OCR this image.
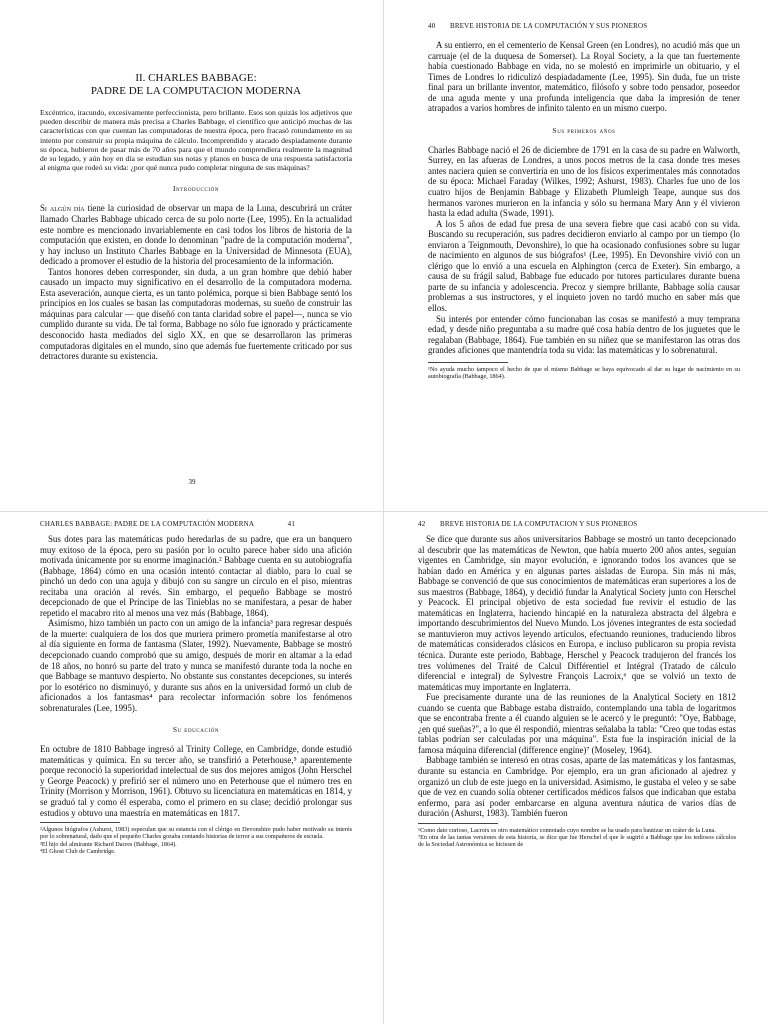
II. CHARLES BABBAGE:
PADRE DE LA COMPUTACION MODERNA

Excéntrico, iracundo, excesivamente perfeccionista, pero brillante. Esos son quizás los adjetivos que pueden describir de manera más precisa a Charles Babbage, el científico que anticipó muchas de las características con que cuentan las computadoras de nuestra época, pero fracasó rotundamente en su intento por construir su propia máquina de cálculo. Incomprendido y atacado despiadamente durante su época, hubieron de pasar más de 70 años para que el mundo comprendiera realmente la magnitud de su legado, y aún hoy en día se estudian sus notas y planos en busca de una respuesta satisfactoria al enigma que rodeó su vida: ¿por qué nunca pudo completar ninguna de sus máquinas?

Introducción

Si algún día tiene la curiosidad de observar un mapa de la Luna, descubrirá un cráter llamado Charles Babbage ubicado cerca de su polo norte (Lee, 1995). En la actualidad este nombre es mencionado invariablemente en casi todos los libros de historia de la computación que existen, en donde lo denominan "padre de la computación moderna", y hay incluso un Instituto Charles Babbage en la Universidad de Minnesota (EUA), dedicado a promover el estudio de la historia del procesamiento de la información.

Tantos honores deben corresponder, sin duda, a un gran hombre que debió haber causado un impacto muy significativo en el desarrollo de la computadora moderna. Esta aseveración, aunque cierta, es un tanto polémica, porque si bien Babbage sentó los principios en los cuales se basan las computadoras modernas, su sueño de construir las máquinas para calcular — que diseñó con tanta claridad sobre el papel—, nunca se vio cumplido durante su vida. De tal forma, Babbage no sólo fue ignorado y prácticamente desconocido hasta mediados del siglo XX, en que se desarrollaron las primeras computadoras digitales en el mundo, sino que además fue fuertemente criticado por sus detractores durante su existencia.

39
40 BREVE HISTORIA DE LA COMPUTACIÓN Y SUS PIONEROS

A su entierro, en el cementerio de Kensal Green (en Londres), no acudió más que un carruaje (el de la duquesa de Somerset). La Royal Society, a la que tan fuertemente había cuestionado Babbage en vida, no se molestó en imprimirle un obituario, y el Times de Londres lo ridiculizó despiadadamente (Lee, 1995). Sin duda, fue un triste final para un brillante inventor, matemático, filósofo y sobre todo pensador, poseedor de una aguda mente y una profunda inteligencia que daba la impresión de tener atrapados a varios hombres de infinito talento en un mismo cuerpo.

Sus primeros años

Charles Babbage nació el 26 de diciembre de 1791 en la casa de su padre en Walworth, Surrey, en las afueras de Londres, a unos pocos metros de la casa donde tres meses antes naciera quien se convertiría en uno de los físicos experimentales más connotados de su época: Michael Faraday (Wilkes, 1992; Ashurst, 1983). Charles fue uno de los cuatro hijos de Benjamin Babbage y Elizabeth Plumleigh Teape, aunque sus dos hermanos varones murieron en la infancia y sólo su hermana Mary Ann y él vivieron hasta la edad adulta (Swade, 1991).

A los 5 años de edad fue presa de una severa fiebre que casi acabó con su vida. Buscando su recuperación, sus padres decidieron enviarlo al campo por un tiempo (lo enviaron a Teignmouth, Devonshire), lo que ha ocasionado confusiones sobre su lugar de nacimiento en algunos de sus biógrafos¹ (Lee, 1995). En Devonshire vivió con un clérigo que lo envió a una escuela en Alphington (cerca de Exeter). Sin embargo, a causa de su frágil salud, Babbage fue educado por tutores particulares durante buena parte de su infancia y adolescencia. Precoz y siempre brillante, Babbage solía causar problemas a sus instructores, y el inquieto joven no tardó mucho en saber más que ellos.

Su interés por entender cómo funcionaban las cosas se manifestó a muy temprana edad, y desde niño preguntaba a su madre qué cosa había dentro de los juguetes que le regalaban (Babbage, 1864). Fue también en su niñez que se manifestaron las otras dos grandes aficiones que mantendría toda su vida: las matemáticas y lo sobrenatural.

¹No ayuda mucho tampoco el hecho de que el mismo Babbage se haya equivocado al dar su lugar de nacimiento en su autobiografía (Babbage, 1864).

CHARLES BABBAGE: PADRE DE LA COMPUTACIÓN MODERNA	41

Sus dotes para las matemáticas pudo heredarlas de su padre, que era un banquero muy exitoso de la época, pero su pasión por lo oculto parece haber sido una afición motivada únicamente por su enorme imaginación.² Babbage cuenta en su autobiografía (Babbage, 1864) cómo en una ocasión intentó contactar al diablo, para lo cual se pinchó un dedo con una aguja y dibujó con su sangre un círculo en el piso, mientras recitaba una oración al revés. Sin embargo, el pequeño Babbage se mostró decepcionado de que el Príncipe de las Tinieblas no se manifestara, a pesar de haber repetido el macabro rito al menos una vez más (Babbage, 1864).

Asimismo, hizo también un pacto con un amigo de la infancia³ para regresar después de la muerte: cualquiera de los dos que muriera primero prometía manifestarse al otro al día siguiente en forma de fantasma (Slater, 1992). Nuevamente, Babbage se mostró decepcionado cuando comprobó que su amigo, después de morir en altamar a la edad de 18 años, no honró su parte del trato y nunca se manifestó durante toda la noche en que Babbage se mantuvo despierto. No obstante sus constantes decepciones, su interés por lo esotérico no disminuyó, y durante sus años en la universidad formó un club de aficionados a los fantasmas⁴ para recolectar información sobre los fenómenos sobrenaturales (Lee, 1995).

Su educación

En octubre de 1810 Babbage ingresó al Trinity College, en Cambridge, donde estudió matemáticas y química. En su tercer año, se transfirió a Peterhouse,⁵ aparentemente porque reconoció la superioridad intelectual de sus dos mejores amigos (John Herschel y George Peacock) y prefirió ser el número uno en Peterhouse que el número tres en Trinity (Morrison y Morrison, 1961). Obtuvo su licenciatura en matemáticas en 1814, y se graduó tal y como él esperaba, como el primero en su clase; decidió prolongar sus estudios y obtuvo una maestría en matemáticas en 1817.

²Algunos biógrafos (Ashurst, 1983) especulan que su estancia con el clérigo en Devonshire pudo haber motivado su interés por lo sobrenatural, dado que el pequeño Charles gozaba contando historias de terror a sus compañeros de escuela.

³El hijo del almirante Richard Dacres (Babbage, 1864).

⁴El Ghost Club de Cambridge.

42 BREVE HISTORIA DE LA COMPUTACION Y SUS PIONEROS

Se dice que durante sus años universitarios Babbage se mostró un tanto decepcionado al descubrir que las matemáticas de Newton, que había muerto 200 años antes, seguían vigentes en Cambridge, sin mayor evolución, e ignorando todos los avances que se habían dado en América y en algunas partes aisladas de Europa. Sin más ni más, Babbage se convenció de que sus conocimientos de matemáticas eran superiores a los de sus maestros (Babbage, 1864), y decidió fundar la Analytical Society junto con Herschel y Peacock. El principal objetivo de esta sociedad fue revivir el estudio de las matemáticas en Inglaterra, haciendo hincapié en la naturaleza abstracta del álgebra e importando descubrimientos del Nuevo Mundo. Los jóvenes integrantes de esta sociedad se mantuvieron muy activos leyendo artículos, efectuando reuniones, traduciendo libros de matemáticas considerados clásicos en Europa, e incluso publicaron su propia revista técnica. Durante este periodo, Babbage, Herschel y Peacock tradujeron del francés los tres volúmenes del Traité de Calcul Différentiel et Intégral (Tratado de cálculo diferencial e integral) de Sylvestre François Lacroix,⁶ que se volvió un texto de matemáticas muy importante en Inglaterra.

Fue precisamente durante una de las reuniones de la Analytical Society en 1812 cuando se cuenta que Babbage estaba distraído, contemplando una tabla de logaritmos que se encontraba frente a él cuando alguien se le acercó y le preguntó: "Oye, Babbage, ¿en qué sueñas?", a lo que él respondió, mientras señalaba la tabla: "Creo que todas estas tablas podrían ser calculadas por una máquina". Esta fue la inspiración inicial de la famosa máquina diferencial (difference engine)⁷ (Moseley, 1964).

Babbage también se interesó en otras cosas, aparte de las matemáticas y los fantasmas, durante su estancia en Cambridge. Por ejemplo, era un gran aficionado al ajedrez y organizó un club de este juego en la universidad. Asimismo, le gustaba el veleo y se sabe que de vez en cuando solía obtener certificados médicos falsos que indicaban que estaba enfermo, para así poder embarcarse en alguna aventura náutica de varios días de duración (Ashurst, 1983). También fueron

⁶Como dato curioso, Lacroix es otro matemático connotado cuyo nombre se ha usado para bautizar un cráter de la Luna.

⁷En otra de las tantas versiones de esta historia, se dice que fue Herschel el que le sugirió a Babbage que los tediosos cálculos de la Sociedad Astronómica se hiciesen de
